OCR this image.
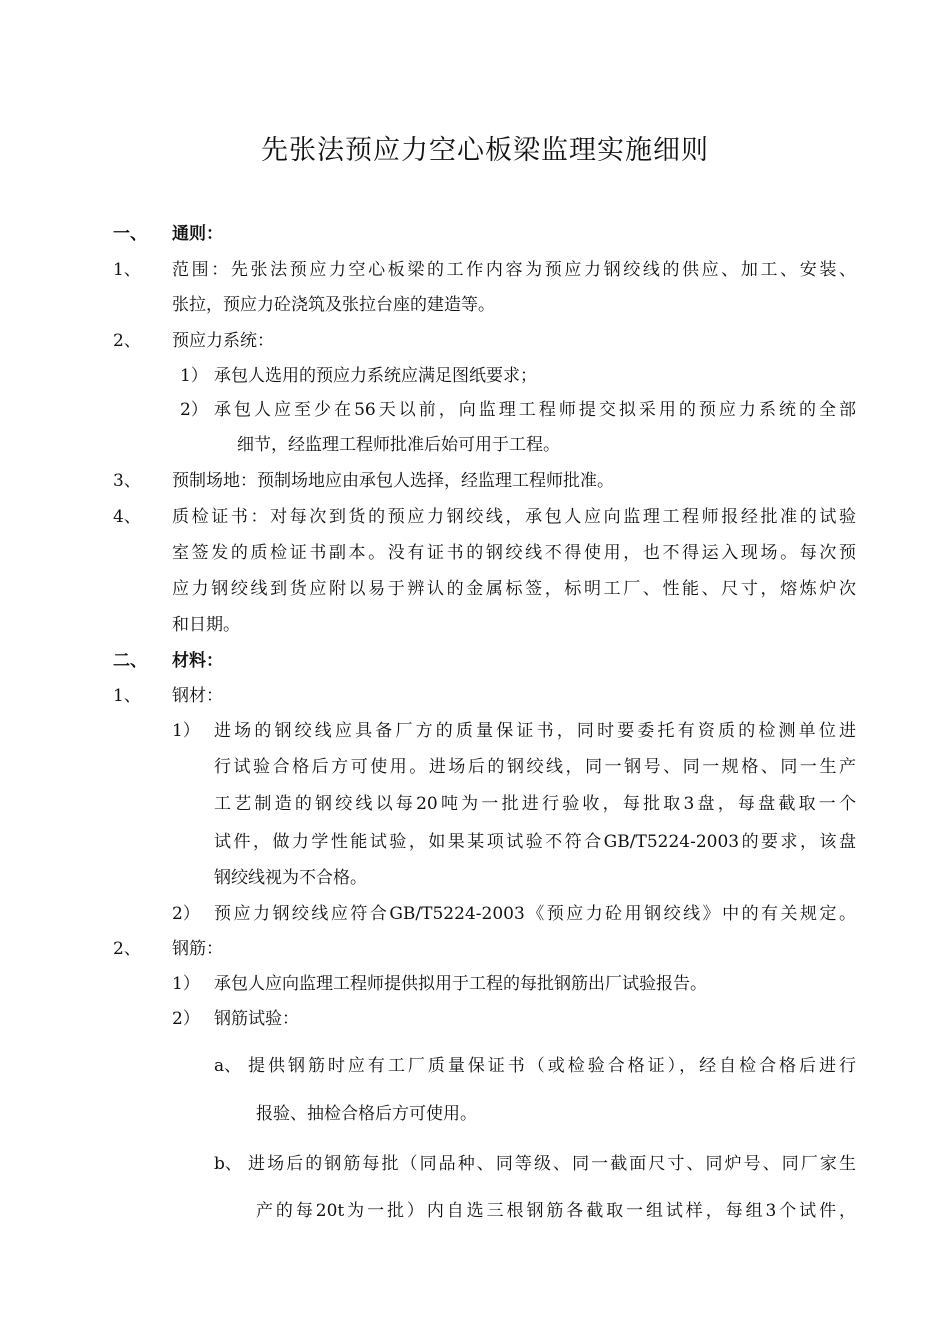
先张法预应力空心板梁监理实施细则
一、 通则：
1、 范围：先张法预应力空心板梁的工作内容为预应力钢绞线的供应、加工、安装、
张拉，预应力砼浇筑及张拉台座的建造等。
2、 预应力系统：
1） 承包人选用的预应力系统应满足图纸要求；
2） 承包人应至少在56天以前，向监理工程师提交拟采用的预应力系统的全部
细节，经监理工程师批准后始可用于工程。
3、 预制场地：预制场地应由承包人选择，经监理工程师批准。
4、 质检证书：对每次到货的预应力钢绞线，承包人应向监理工程师报经批准的试验
室签发的质检证书副本。没有证书的钢绞线不得使用，也不得运入现场。每次预
应力钢绞线到货应附以易于辨认的金属标签，标明工厂、性能、尺寸，熔炼炉次
和日期。
二、 材料：
1、 钢材：
1） 进场的钢绞线应具备厂方的质量保证书，同时要委托有资质的检测单位进
行试验合格后方可使用。进场后的钢绞线，同一钢号、同一规格、同一生产
工艺制造的钢绞线以每20吨为一批进行验收，每批取3盘，每盘截取一个
试件，做力学性能试验，如果某项试验不符合GB/T5224-2003的要求，该盘
钢绞线视为不合格。
2） 预应力钢绞线应符合GB/T5224-2003《预应力砼用钢绞线》中的有关规定。
2、 钢筋：
1） 承包人应向监理工程师提供拟用于工程的每批钢筋出厂试验报告。
2） 钢筋试验：
a、 提供钢筋时应有工厂质量保证书（或检验合格证），经自检合格后进行
报验、抽检合格后方可使用。
b、 进场后的钢筋每批（同品种、同等级、同一截面尺寸、同炉号、同厂家生
产的每20t为一批）内自选三根钢筋各截取一组试样，每组3个试件，
